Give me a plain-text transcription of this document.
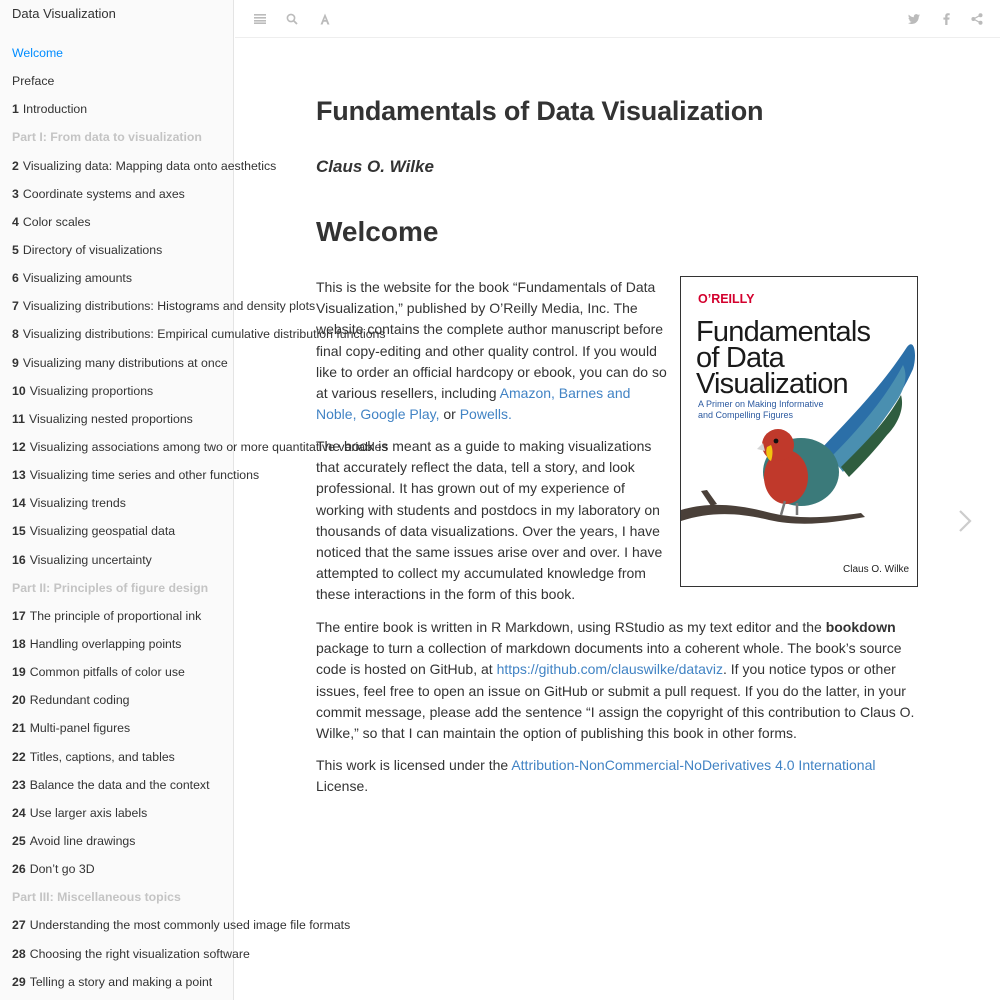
Data Visualization
Welcome
Preface
1 Introduction
Part I: From data to visualization
2 Visualizing data: Mapping data onto aesthetics
3 Coordinate systems and axes
4 Color scales
5 Directory of visualizations
6 Visualizing amounts
7 Visualizing distributions: Histograms and density plots
8 Visualizing distributions: Empirical cumulative distribution functions
9 Visualizing many distributions at once
10 Visualizing proportions
11 Visualizing nested proportions
12 Visualizing associations among two or more quantitative variables
13 Visualizing time series and other functions
14 Visualizing trends
15 Visualizing geospatial data
16 Visualizing uncertainty
Part II: Principles of figure design
17 The principle of proportional ink
18 Handling overlapping points
19 Common pitfalls of color use
20 Redundant coding
21 Multi-panel figures
22 Titles, captions, and tables
23 Balance the data and the context
24 Use larger axis labels
25 Avoid line drawings
26 Don’t go 3D
Part III: Miscellaneous topics
27 Understanding the most commonly used image file formats
28 Choosing the right visualization software
29 Telling a story and making a point
Fundamentals of Data Visualization
Claus O. Wilke
Welcome
O’REILLY
Fundamentals
of Data
Visualization
A Primer on Making Informative
and Compelling Figures
Claus O. Wilke

This is the website for the book “Fundamentals of Data Visualization,” published by O’Reilly Media, Inc. The website contains the complete author manuscript before final copy-editing and other quality control. If you would like to order an official hardcopy or ebook, you can do so at various resellers, including Amazon, Barnes and Noble, Google Play, or Powells.

The book is meant as a guide to making visualizations that accurately reflect the data, tell a story, and look professional. It has grown out of my experience of working with students and postdocs in my laboratory on thousands of data visualizations. Over the years, I have noticed that the same issues arise over and over. I have attempted to collect my accumulated knowledge from these interactions in the form of this book.

The entire book is written in R Markdown, using RStudio as my text editor and the bookdown package to turn a collection of markdown documents into a coherent whole. The book’s source code is hosted on GitHub, at https://github.com/clauswilke/dataviz. If you notice typos or other issues, feel free to open an issue on GitHub or submit a pull request. If you do the latter, in your commit message, please add the sentence “I assign the copyright of this contribution to Claus O. Wilke,” so that I can maintain the option of publishing this book in other forms.

This work is licensed under the Attribution-NonCommercial-NoDerivatives 4.0 International License.
